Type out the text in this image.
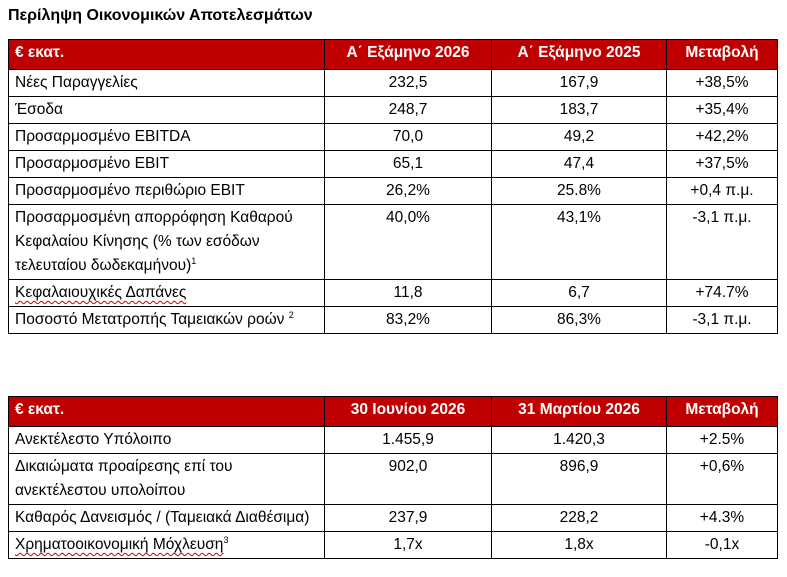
Περίληψη Οικονομικών Αποτελεσμάτων
€ εκατ.	Α΄ Εξάμηνο 2026	Α΄ Εξάμηνο 2025	Μεταβολή
Νέες Παραγγελίες	232,5	167,9	+38,5%
Έσοδα	248,7	183,7	+35,4%
Προσαρμοσμένο EBITDA	70,0	49,2	+42,2%
Προσαρμοσμένο EBIT	65,1	47,4	+37,5%
Προσαρμοσμένο περιθώριο EBIT	26,2%	25.8%	+0,4 π.μ.
Προσαρμοσμένη απορρόφηση Καθαρού Κεφαλαίου Κίνησης (% των εσόδων τελευταίου δωδεκαμήνου)$^1$	40,0%	43,1%	-3,1 π.μ.
Κεφαλαιουχικές Δαπάνες	11,8	6,7	+74.7%
Ποσοστό Μετατροπής Ταμειακών ροών $^2$	83,2%	86,3%	-3,1 π.μ.
€ εκατ.	30 Ιουνίου 2026	31 Μαρτίου 2026	Μεταβολή
Ανεκτέλεστο Υπόλοιπο	1.455,9	1.420,3	+2.5%
Δικαιώματα προαίρεσης επί του ανεκτέλεστου υπολοίπου	902,0	896,9	+0,6%
Καθαρός Δανεισμός / (Ταμειακά Διαθέσιμα)	237,9	228,2	+4.3%
Χρηματοοικονομική Μόχλευση$^3$	1,7x	1,8x	-0,1x
